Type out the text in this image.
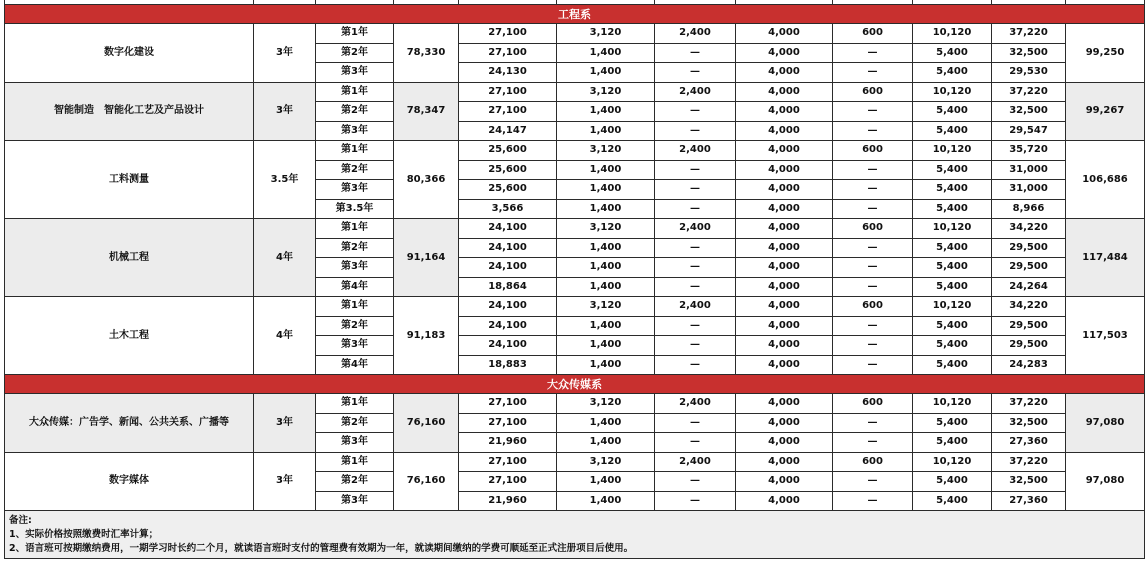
工程系											
数字化建设	3年	第1年	78,330	27,100	3,120	2,400	4,000	600	10,120	37,220	99,250
		第2年		27,100	1,400	—	4,000	—	5,400	32,500	
		第3年		24,130	1,400	—	4,000	—	5,400	29,530	
智能制造　智能化工艺及产品设计	3年	第1年	78,347	27,100	3,120	2,400	4,000	600	10,120	37,220	99,267
		第2年		27,100	1,400	—	4,000	—	5,400	32,500	
		第3年		24,147	1,400	—	4,000	—	5,400	29,547	
工料测量	3.5年	第1年	80,366	25,600	3,120	2,400	4,000	600	10,120	35,720	106,686
		第2年		25,600	1,400	—	4,000	—	5,400	31,000	
		第3年		25,600	1,400	—	4,000	—	5,400	31,000	
		第3.5年		3,566	1,400	—	4,000	—	5,400	8,966	
机械工程	4年	第1年	91,164	24,100	3,120	2,400	4,000	600	10,120	34,220	117,484
		第2年		24,100	1,400	—	4,000	—	5,400	29,500	
		第3年		24,100	1,400	—	4,000	—	5,400	29,500	
		第4年		18,864	1,400	—	4,000	—	5,400	24,264	
土木工程	4年	第1年	91,183	24,100	3,120	2,400	4,000	600	10,120	34,220	117,503
		第2年		24,100	1,400	—	4,000	—	5,400	29,500	
		第3年		24,100	1,400	—	4,000	—	5,400	29,500	
		第4年		18,883	1,400	—	4,000	—	5,400	24,283	
大众传媒系											
大众传媒：广告学、新闻、公共关系、广播等	3年	第1年	76,160	27,100	3,120	2,400	4,000	600	10,120	37,220	97,080
		第2年		27,100	1,400	—	4,000	—	5,400	32,500	
		第3年		21,960	1,400	—	4,000	—	5,400	27,360	
数字媒体	3年	第1年	76,160	27,100	3,120	2,400	4,000	600	10,120	37,220	97,080
		第2年		27,100	1,400	—	4,000	—	5,400	32,500	
		第3年		21,960	1,400	—	4,000	—	5,400	27,360	

备注:
1、实际价格按照缴费时汇率计算；
2、语言班可按期缴纳费用，一期学习时长约二个月，就读语言班时支付的管理费有效期为一年，就读期间缴纳的学费可顺延至正式注册项目后使用。											
